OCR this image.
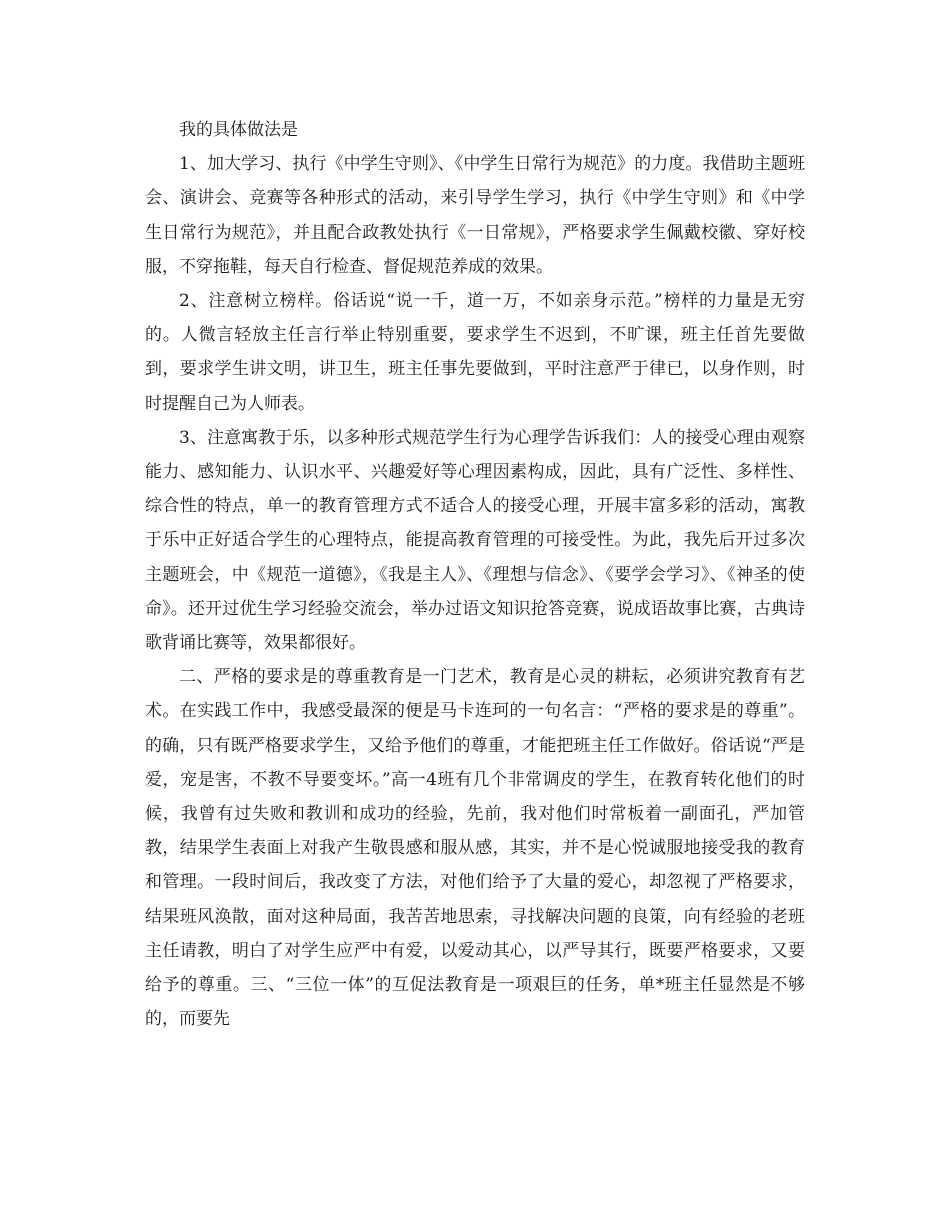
我的具体做法是

1、加大学习、执行《中学生守则》、《中学生日常行为规范》的力度。我借助主题班会、演讲会、竞赛等各种形式的活动，来引导学生学习，执行《中学生守则》和《中学生日常行为规范》，并且配合政教处执行《一日常规》，严格要求学生佩戴校徽、穿好校服，不穿拖鞋，每天自行检查、督促规范养成的效果。

2、注意树立榜样。俗话说“说一千，道一万，不如亲身示范。”榜样的力量是无穷的。人微言轻放主任言行举止特别重要，要求学生不迟到，不旷课，班主任首先要做到，要求学生讲文明，讲卫生，班主任事先要做到，平时注意严于律已，以身作则，时时提醒自己为人师表。

3、注意寓教于乐，以多种形式规范学生行为心理学告诉我们：人的接受心理由观察能力、感知能力、认识水平、兴趣爱好等心理因素构成，因此，具有广泛性、多样性、综合性的特点，单一的教育管理方式不适合人的接受心理，开展丰富多彩的活动，寓教于乐中正好适合学生的心理特点，能提高教育管理的可接受性。为此，我先后开过多次主题班会，中《规范一道德》，《我是主人》、《理想与信念》、《要学会学习》、《神圣的使命》。还开过优生学习经验交流会，举办过语文知识抢答竞赛，说成语故事比赛，古典诗歌背诵比赛等，效果都很好。

二、严格的要求是的尊重教育是一门艺术，教育是心灵的耕耘，必须讲究教育有艺术。在实践工作中，我感受最深的便是马卡连珂的一句名言：“严格的要求是的尊重”。的确，只有既严格要求学生，又给予他们的尊重，才能把班主任工作做好。俗话说“严是爱，宠是害，不教不导要变坏。”高一4班有几个非常调皮的学生，在教育转化他们的时候，我曾有过失败和教训和成功的经验，先前，我对他们时常板着一副面孔，严加管教，结果学生表面上对我产生敬畏感和服从感，其实，并不是心悦诚服地接受我的教育和管理。一段时间后，我改变了方法，对他们给予了大量的爱心，却忽视了严格要求，结果班风涣散，面对这种局面，我苦苦地思索，寻找解决问题的良策，向有经验的老班主任请教，明白了对学生应严中有爱，以爱动其心，以严导其行，既要严格要求，又要给予的尊重。三、“三位一体”的互促法教育是一项艰巨的任务，单*班主任显然是不够的，而要先
